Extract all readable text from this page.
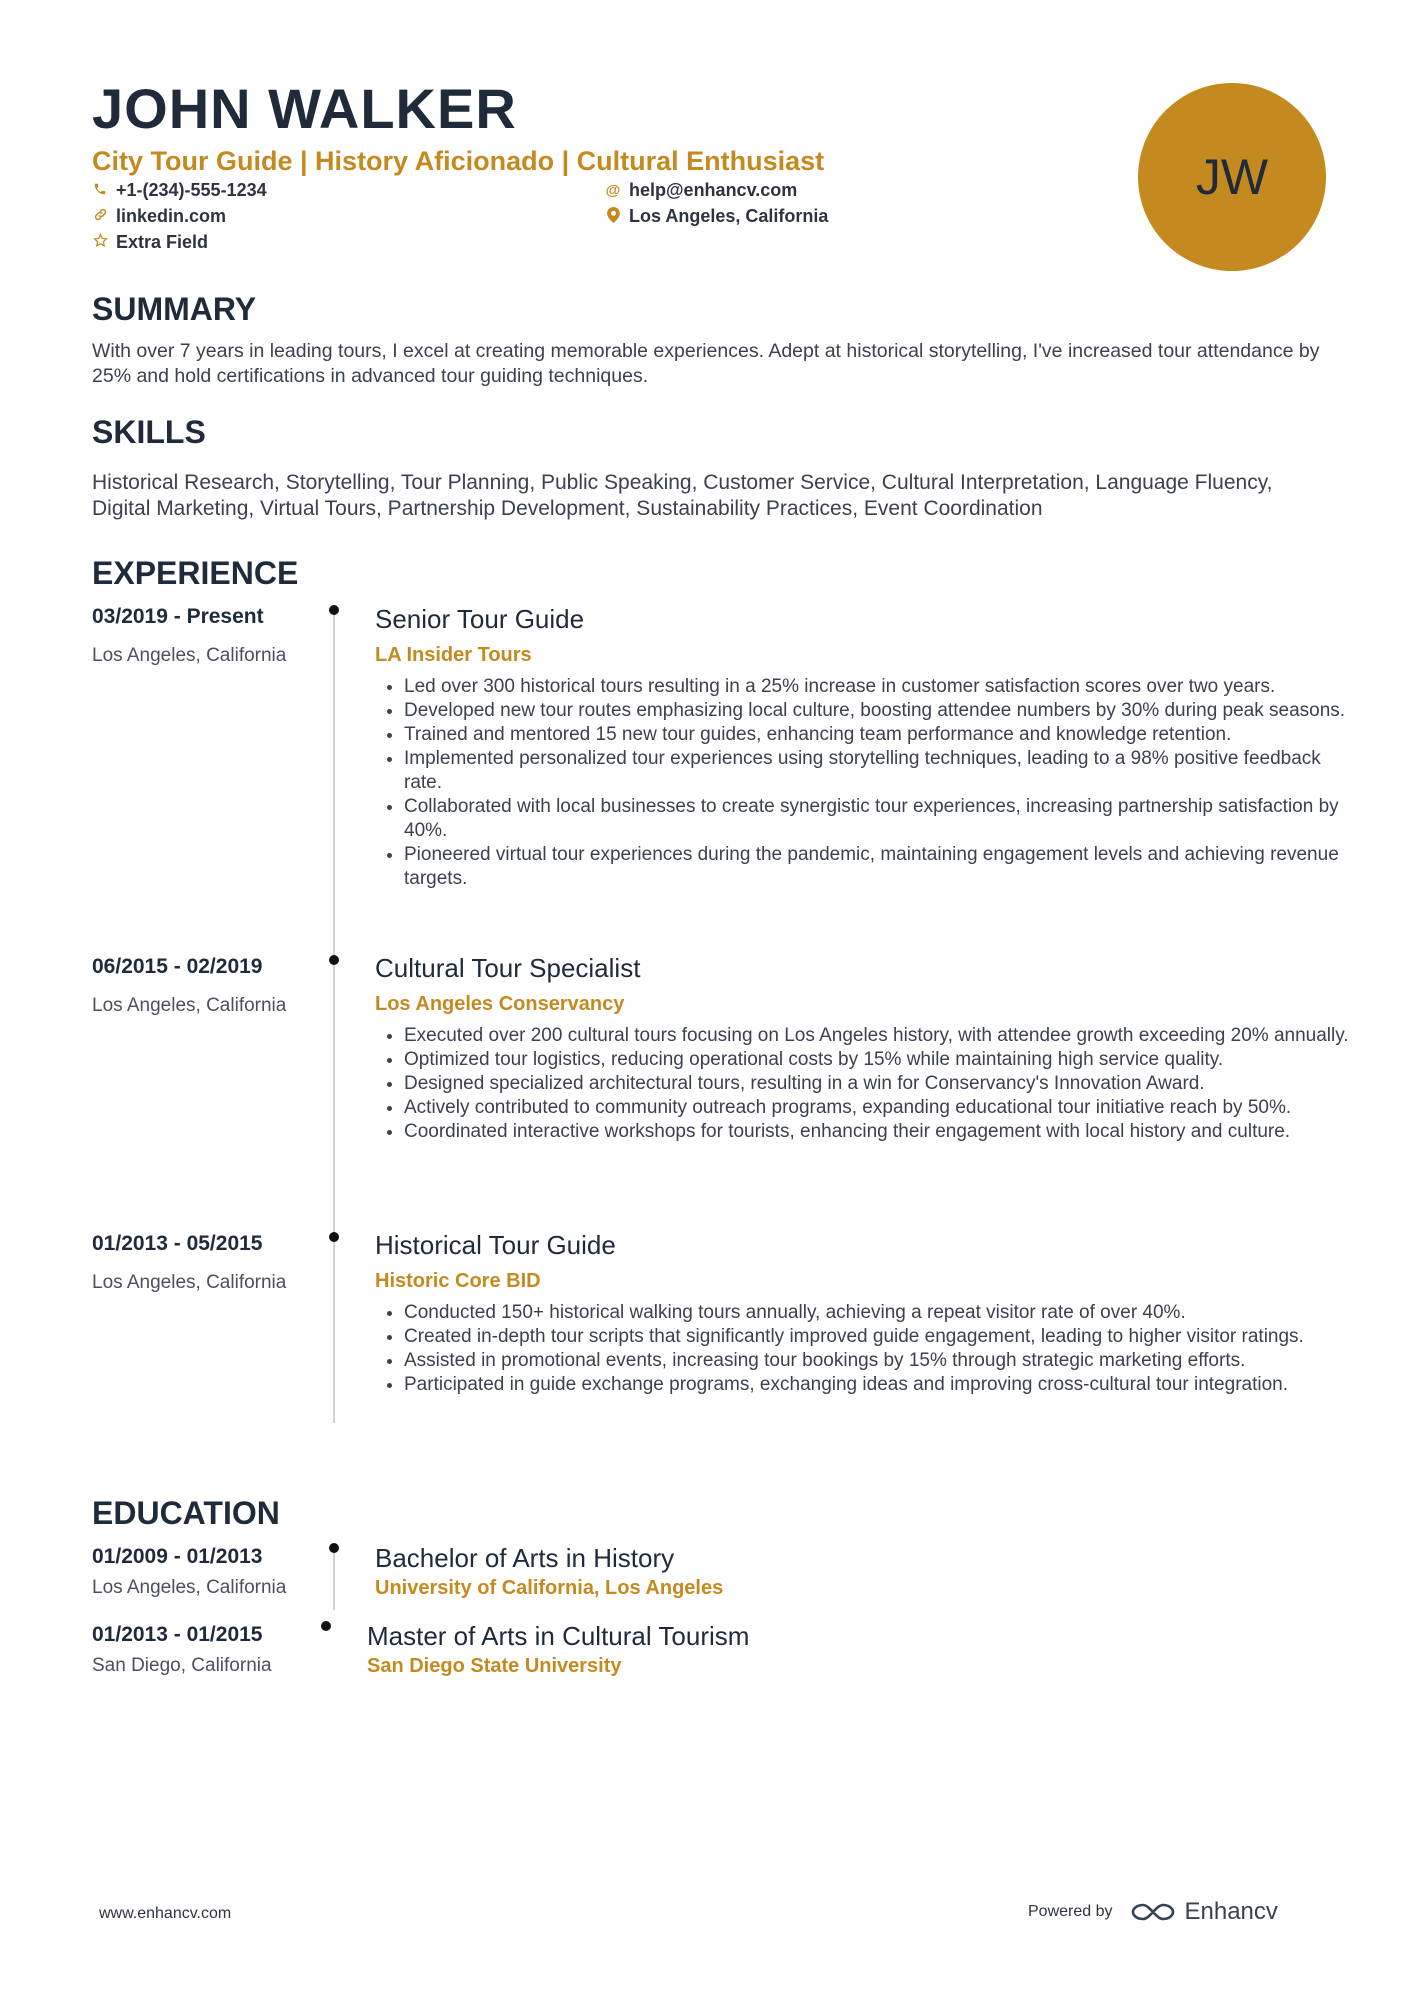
JOHN WALKER
City Tour Guide | History Aficionado | Cultural Enthusiast
+1-(234)-555-1234	@ help@enhancv.com
linkedin.com	Los Angeles, California
Extra Field
JW
SUMMARY

With over 7 years in leading tours, I excel at creating memorable experiences. Adept at historical storytelling, I've increased tour attendance by 25% and hold certifications in advanced tour guiding techniques.

SKILLS

Historical Research, Storytelling, Tour Planning, Public Speaking, Customer Service, Cultural Interpretation, Language Fluency, Digital Marketing, Virtual Tours, Partnership Development, Sustainability Practices, Event Coordination

EXPERIENCE
03/2019 - Present
Los Angeles, California
Senior Tour Guide
LA Insider Tours
• Led over 300 historical tours resulting in a 25% increase in customer satisfaction scores over two years.
• Developed new tour routes emphasizing local culture, boosting attendee numbers by 30% during peak seasons.
• Trained and mentored 15 new tour guides, enhancing team performance and knowledge retention.
• Implemented personalized tour experiences using storytelling techniques, leading to a 98% positive feedback rate.
• Collaborated with local businesses to create synergistic tour experiences, increasing partnership satisfaction by 40%.
• Pioneered virtual tour experiences during the pandemic, maintaining engagement levels and achieving revenue targets.
06/2015 - 02/2019
Los Angeles, California
Cultural Tour Specialist
Los Angeles Conservancy
• Executed over 200 cultural tours focusing on Los Angeles history, with attendee growth exceeding 20% annually.
• Optimized tour logistics, reducing operational costs by 15% while maintaining high service quality.
• Designed specialized architectural tours, resulting in a win for Conservancy's Innovation Award.
• Actively contributed to community outreach programs, expanding educational tour initiative reach by 50%.
• Coordinated interactive workshops for tourists, enhancing their engagement with local history and culture.
01/2013 - 05/2015
Los Angeles, California
Historical Tour Guide
Historic Core BID
• Conducted 150+ historical walking tours annually, achieving a repeat visitor rate of over 40%.
• Created in-depth tour scripts that significantly improved guide engagement, leading to higher visitor ratings.
• Assisted in promotional events, increasing tour bookings by 15% through strategic marketing efforts.
• Participated in guide exchange programs, exchanging ideas and improving cross-cultural tour integration.
EDUCATION
01/2009 - 01/2013
Los Angeles, California
Bachelor of Arts in History
University of California, Los Angeles
01/2013 - 01/2015
San Diego, California
Master of Arts in Cultural Tourism
San Diego State University
www.enhancv.com	Powered by	Enhancv
